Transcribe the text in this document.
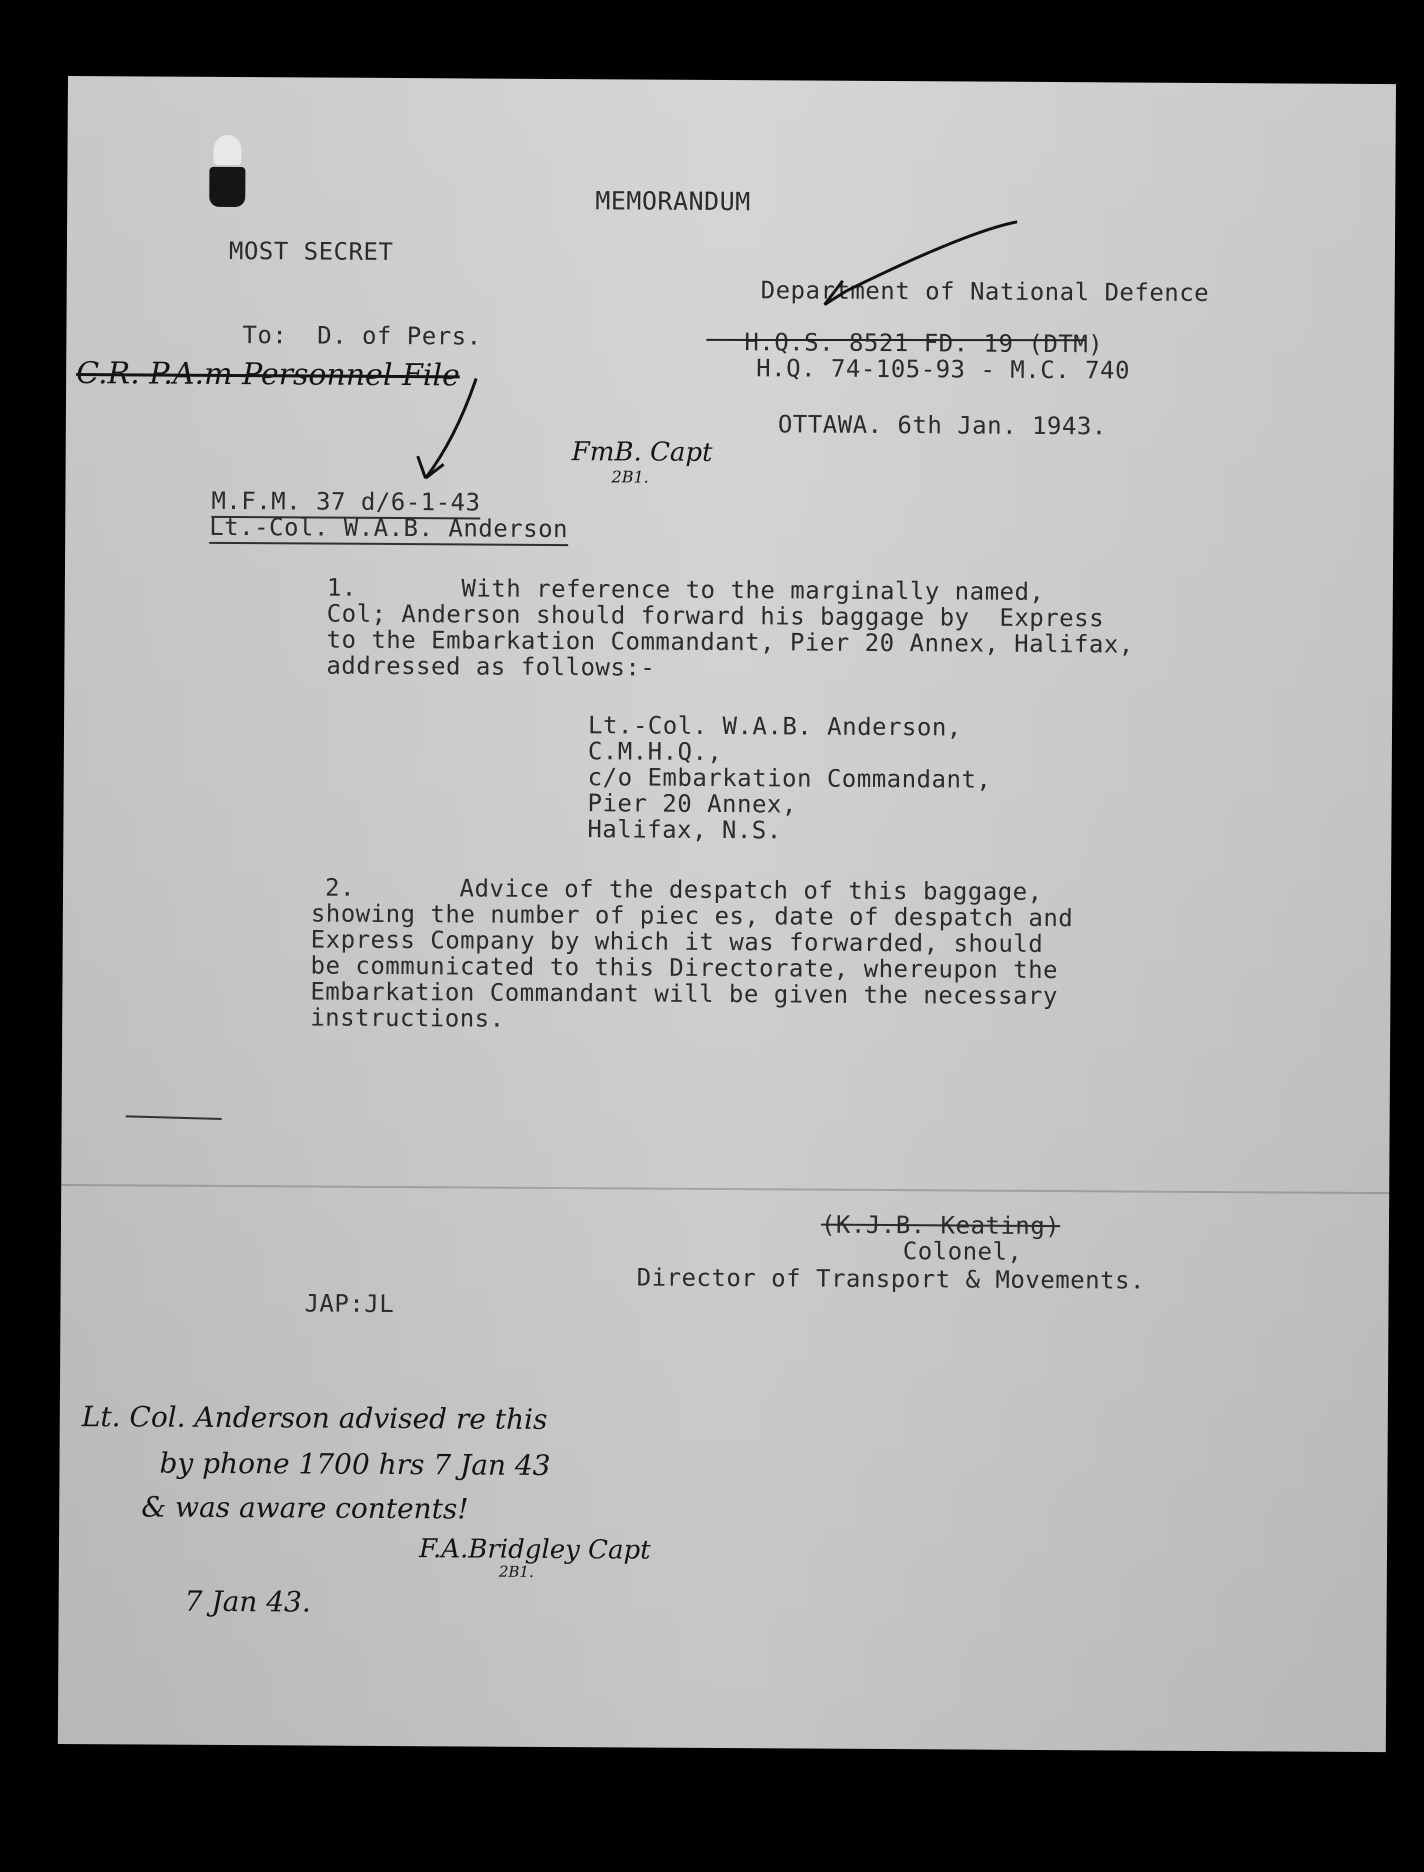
MEMORANDUM
MOST SECRET
Department of National Defence
To:  D. of Pers.	H.Q.S. 8521 FD. 19 (DTM)
H.Q. 74-105-93 - M.C. 740
OTTAWA. 6th Jan. 1943.
M.F.M. 37 d/6-1-43
Lt.-Col. W.A.B. Anderson
1.       With reference to the marginally named,
Col; Anderson should forward his baggage by  Express
to the Embarkation Commandant, Pier 20 Annex, Halifax,
addressed as follows:-
Lt.-Col. W.A.B. Anderson,
C.M.H.Q.,
c/o Embarkation Commandant,
Pier 20 Annex,
Halifax, N.S.
2.       Advice of the despatch of this baggage,
showing the number of piec es, date of despatch and
Express Company by which it was forwarded, should
be communicated to this Directorate, whereupon the
Embarkation Commandant will be given the necessary
instructions.
(K.J.B. Keating)
Colonel,
Director of Transport & Movements.
JAP:JL
C.R. P.A.m Personnel File
FmB. Capt
2B1.
Lt. Col. Anderson advised re this
by phone 1700 hrs 7 Jan 43
& was aware contents!
F.A.Bridgley Capt
2B1.
7 Jan 43.
